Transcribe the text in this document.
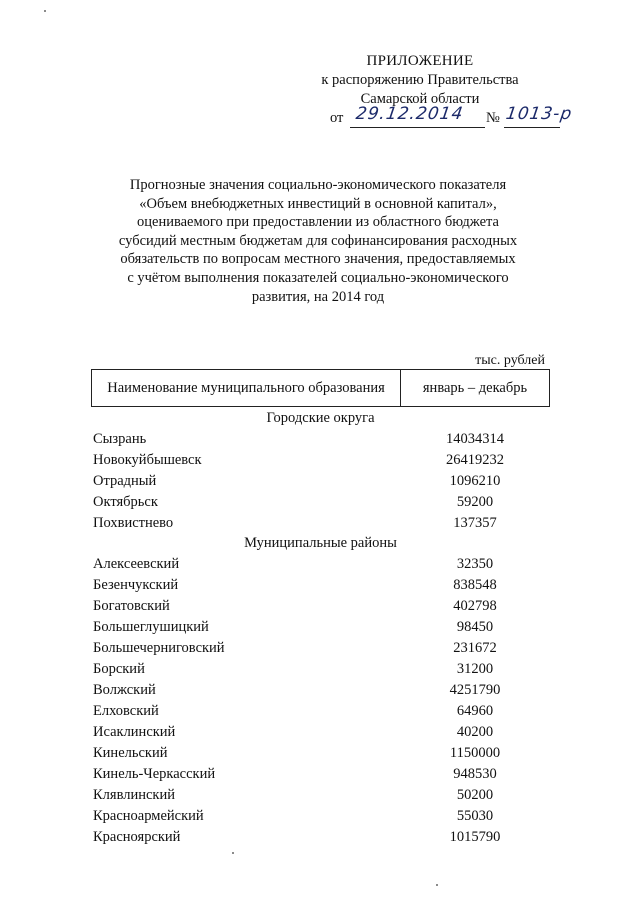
ПРИЛОЖЕНИЕ
к распоряжению Правительства
Самарской области
от 29.12.2014 № 1013-р
Прогнозные значения социально-экономического показателя
«Объем внебюджетных инвестиций в основной капитал»,
оцениваемого при предоставлении из областного бюджета
субсидий местным бюджетам для софинансирования расходных
обязательств по вопросам местного значения, предоставляемых
с учётом выполнения показателей социально-экономического
развития, на 2014 год
тыс. рублей
Наименование муниципального образования	январь – декабрь
Городские округа
Сызрань	14034314
Новокуйбышевск	26419232
Отрадный	1096210
Октябрьск	59200
Похвистнево	137357
Муниципальные районы
Алексеевский	32350
Безенчукский	838548
Богатовский	402798
Большеглушицкий	98450
Большечерниговский	231672
Борский	31200
Волжский	4251790
Елховский	64960
Исаклинский	40200
Кинельский	1150000
Кинель-Черкасский	948530
Клявлинский	50200
Красноармейский	55030
Красноярский	1015790
